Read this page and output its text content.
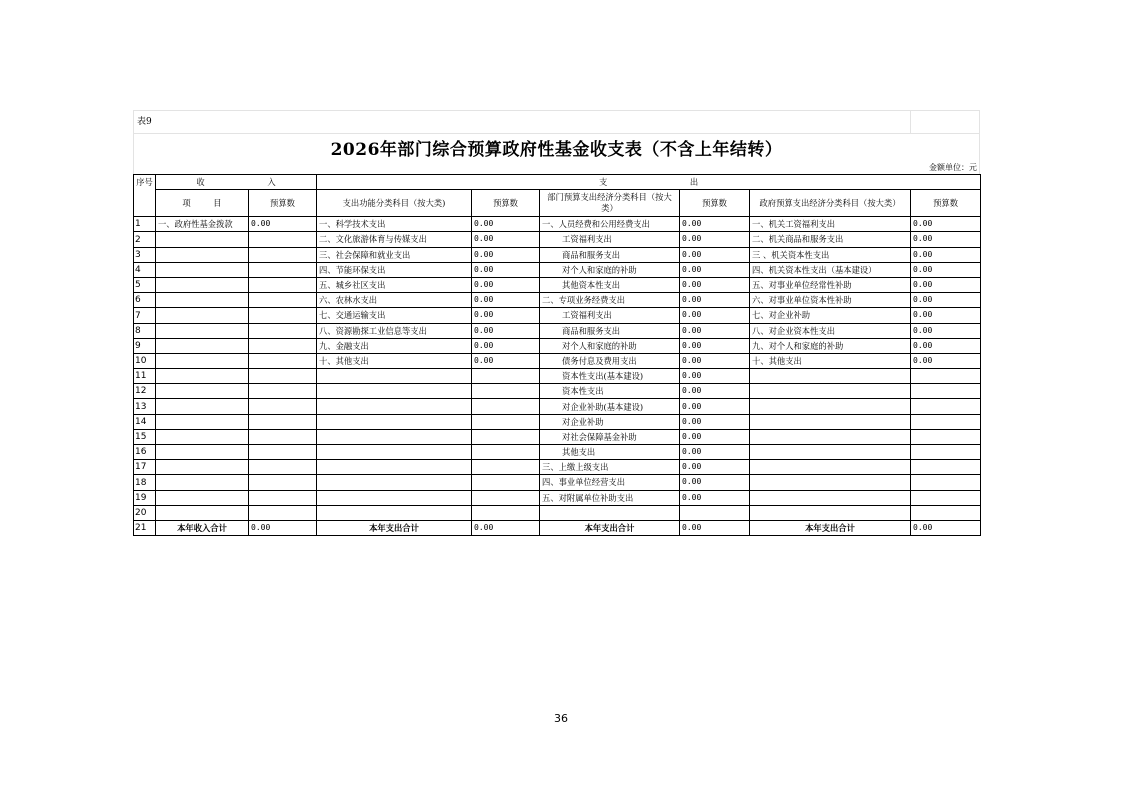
表9
2026年部门综合预算政府性基金收支表（不含上年结转）
金额单位：元
序号	收 入		支 出					
	项 目	预算数	支出功能分类科目（按大类)	预算数	部门预算支出经济分类科目（按大类）	预算数	政府预算支出经济分类科目（按大类）	预算数
1	一、政府性基金拨款	0.00	一、科学技术支出	0.00	一、人员经费和公用经费支出	0.00	一、机关工资福利支出	0.00
2			二、文化旅游体育与传媒支出	0.00	工资福利支出	0.00	二、机关商品和服务支出	0.00
3			三、社会保障和就业支出	0.00	商品和服务支出	0.00	三 、机关资本性支出	0.00
4			四、节能环保支出	0.00	对个人和家庭的补助	0.00	四、机关资本性支出（基本建设）	0.00
5			五、城乡社区支出	0.00	其他资本性支出	0.00	五、对事业单位经常性补助	0.00
6			六、农林水支出	0.00	二、专项业务经费支出	0.00	六、对事业单位资本性补助	0.00
7			七、交通运输支出	0.00	工资福利支出	0.00	七、对企业补助	0.00
8			八、资源勘探工业信息等支出	0.00	商品和服务支出	0.00	八、对企业资本性支出	0.00
9			九、金融支出	0.00	对个人和家庭的补助	0.00	九、对个人和家庭的补助	0.00
10			十、其他支出	0.00	债务付息及费用支出	0.00	十、其他支出	0.00
11					资本性支出(基本建设)	0.00		
12					资本性支出	0.00		
13					对企业补助(基本建设)	0.00		
14					对企业补助	0.00		
15					对社会保障基金补助	0.00		
16					其他支出	0.00		
17					三、上缴上级支出	0.00		
18					四、事业单位经营支出	0.00		
19					五、对附属单位补助支出	0.00		
20								
21	本年收入合计	0.00	本年支出合计	0.00	本年支出合计	0.00	本年支出合计	0.00
36
